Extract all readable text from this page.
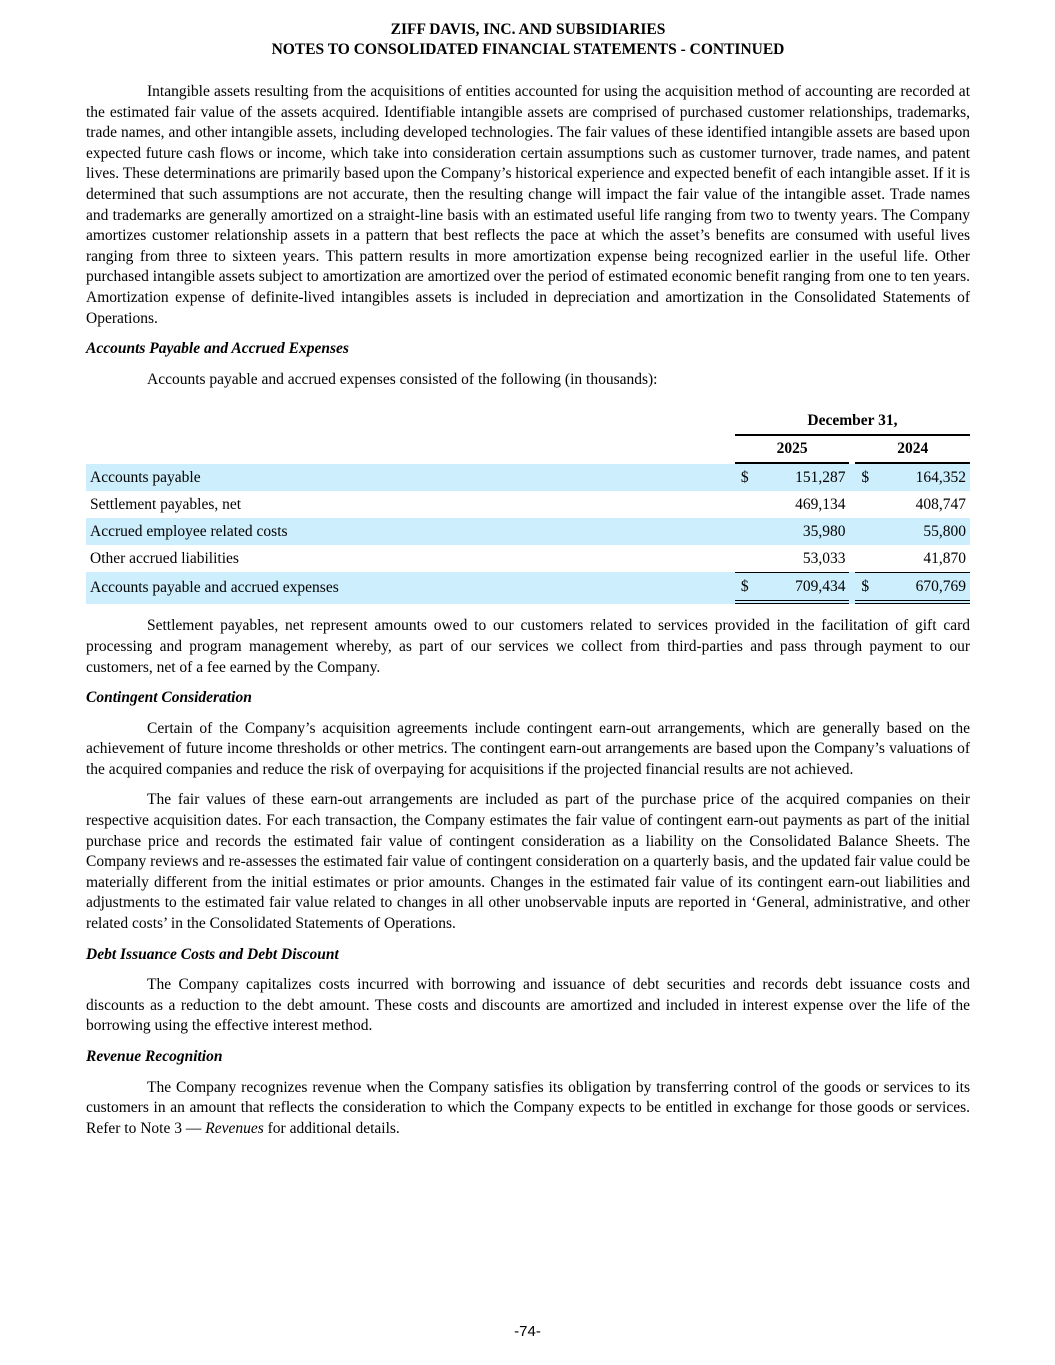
ZIFF DAVIS, INC. AND SUBSIDIARIES
NOTES TO CONSOLIDATED FINANCIAL STATEMENTS - CONTINUED

Intangible assets resulting from the acquisitions of entities accounted for using the acquisition method of accounting are recorded at the estimated fair value of the assets acquired. Identifiable intangible assets are comprised of purchased customer relationships, trademarks, trade names, and other intangible assets, including developed technologies. The fair values of these identified intangible assets are based upon expected future cash flows or income, which take into consideration certain assumptions such as customer turnover, trade names, and patent lives. These determinations are primarily based upon the Company’s historical experience and expected benefit of each intangible asset. If it is determined that such assumptions are not accurate, then the resulting change will impact the fair value of the intangible asset. Trade names and trademarks are generally amortized on a straight-line basis with an estimated useful life ranging from two to twenty years. The Company amortizes customer relationship assets in a pattern that best reflects the pace at which the asset’s benefits are consumed with useful lives ranging from three to sixteen years. This pattern results in more amortization expense being recognized earlier in the useful life. Other purchased intangible assets subject to amortization are amortized over the period of estimated economic benefit ranging from one to ten years. Amortization expense of definite-lived intangibles assets is included in depreciation and amortization in the Consolidated Statements of Operations.

Accounts Payable and Accrued Expenses

Accounts payable and accrued expenses consisted of the following (in thousands):

	December 31,				
	2025			2024	
Accounts payable	$	151,287		$	164,352
Settlement payables, net		469,134			408,747
Accrued employee related costs		35,980			55,800
Other accrued liabilities		53,033			41,870
Accounts payable and accrued expenses	$	709,434		$	670,769

Settlement payables, net represent amounts owed to our customers related to services provided in the facilitation of gift card processing and program management whereby, as part of our services we collect from third-parties and pass through payment to our customers, net of a fee earned by the Company.

Contingent Consideration

Certain of the Company’s acquisition agreements include contingent earn-out arrangements, which are generally based on the achievement of future income thresholds or other metrics. The contingent earn-out arrangements are based upon the Company’s valuations of the acquired companies and reduce the risk of overpaying for acquisitions if the projected financial results are not achieved.

The fair values of these earn-out arrangements are included as part of the purchase price of the acquired companies on their respective acquisition dates. For each transaction, the Company estimates the fair value of contingent earn-out payments as part of the initial purchase price and records the estimated fair value of contingent consideration as a liability on the Consolidated Balance Sheets. The Company reviews and re-assesses the estimated fair value of contingent consideration on a quarterly basis, and the updated fair value could be materially different from the initial estimates or prior amounts. Changes in the estimated fair value of its contingent earn-out liabilities and adjustments to the estimated fair value related to changes in all other unobservable inputs are reported in ‘General, administrative, and other related costs’ in the Consolidated Statements of Operations.

Debt Issuance Costs and Debt Discount

The Company capitalizes costs incurred with borrowing and issuance of debt securities and records debt issuance costs and discounts as a reduction to the debt amount. These costs and discounts are amortized and included in interest expense over the life of the borrowing using the effective interest method.

Revenue Recognition

The Company recognizes revenue when the Company satisfies its obligation by transferring control of the goods or services to its customers in an amount that reflects the consideration to which the Company expects to be entitled in exchange for those goods or services. Refer to Note 3 — Revenues for additional details.

-74-
